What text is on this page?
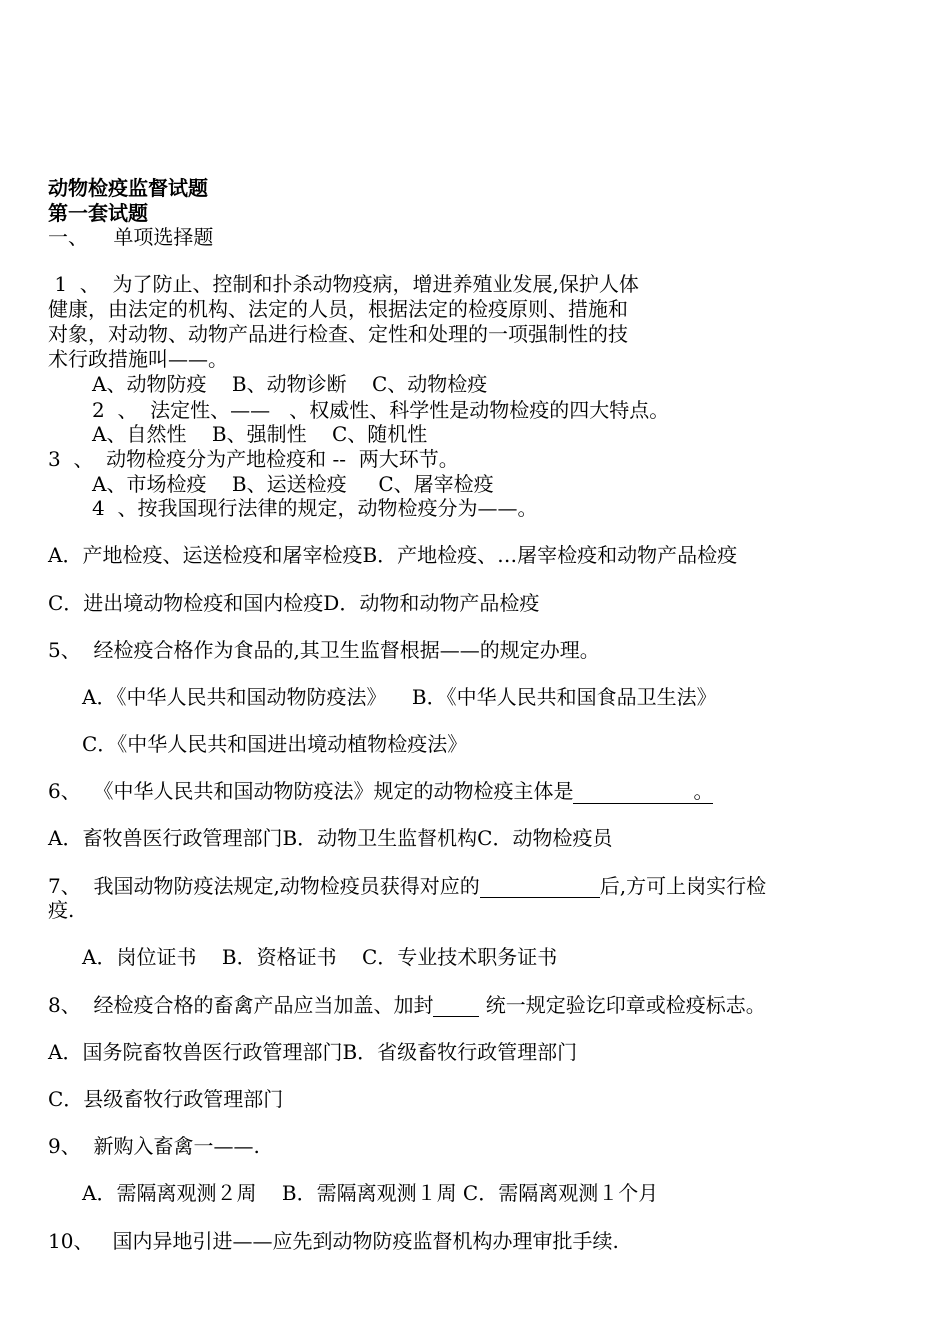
动物检疫监督试题
第一套试题
一、    单项选择题
1  、  为了防止、控制和扑杀动物疫病，增进养殖业发展,保护人体
健康，由法定的机构、法定的人员，根据法定的检疫原则、措施和
对象，对动物、动物产品进行检查、定性和处理的一项强制性的技
术行政措施叫——。
A、动物防疫    B、动物诊断    C、动物检疫
2  、  法定性、——   、权威性、科学性是动物检疫的四大特点。
A、自然性    B、强制性    C、随机性
3  、  动物检疫分为产地检疫和 --  两大环节。
A、市场检疫    B、运送检疫     C、屠宰检疫
4  、按我国现行法律的规定，动物检疫分为——。
A．产地检疫、运送检疫和屠宰检疫B．产地检疫、…屠宰检疫和动物产品检疫
C．进出境动物检疫和国内检疫D．动物和动物产品检疫
5、  经检疫合格作为食品的,其卫生监督根据——的规定办理。
A．《中华人民共和国动物防疫法》    B．《中华人民共和国食品卫生法》
C．《中华人民共和国进出境动植物检疫法》
6、  《中华人民共和国动物防疫法》规定的动物检疫主体是	。
A．畜牧兽医行政管理部门B．动物卫生监督机构C．动物检疫员
7、  我国动物防疫法规定,动物检疫员获得对应的	后,方可上岗实行检
疫.
A．岗位证书    B．资格证书    C．专业技术职务证书
8、  经检疫合格的畜禽产品应当加盖、加封 统一规定验讫印章或检疫标志。
A．国务院畜牧兽医行政管理部门B．省级畜牧行政管理部门
C．县级畜牧行政管理部门
9、  新购入畜禽一——.
A．需隔离观测２周    B．需隔离观测１周 C．需隔离观测１个月
10、   国内异地引进——应先到动物防疫监督机构办理审批手续.
